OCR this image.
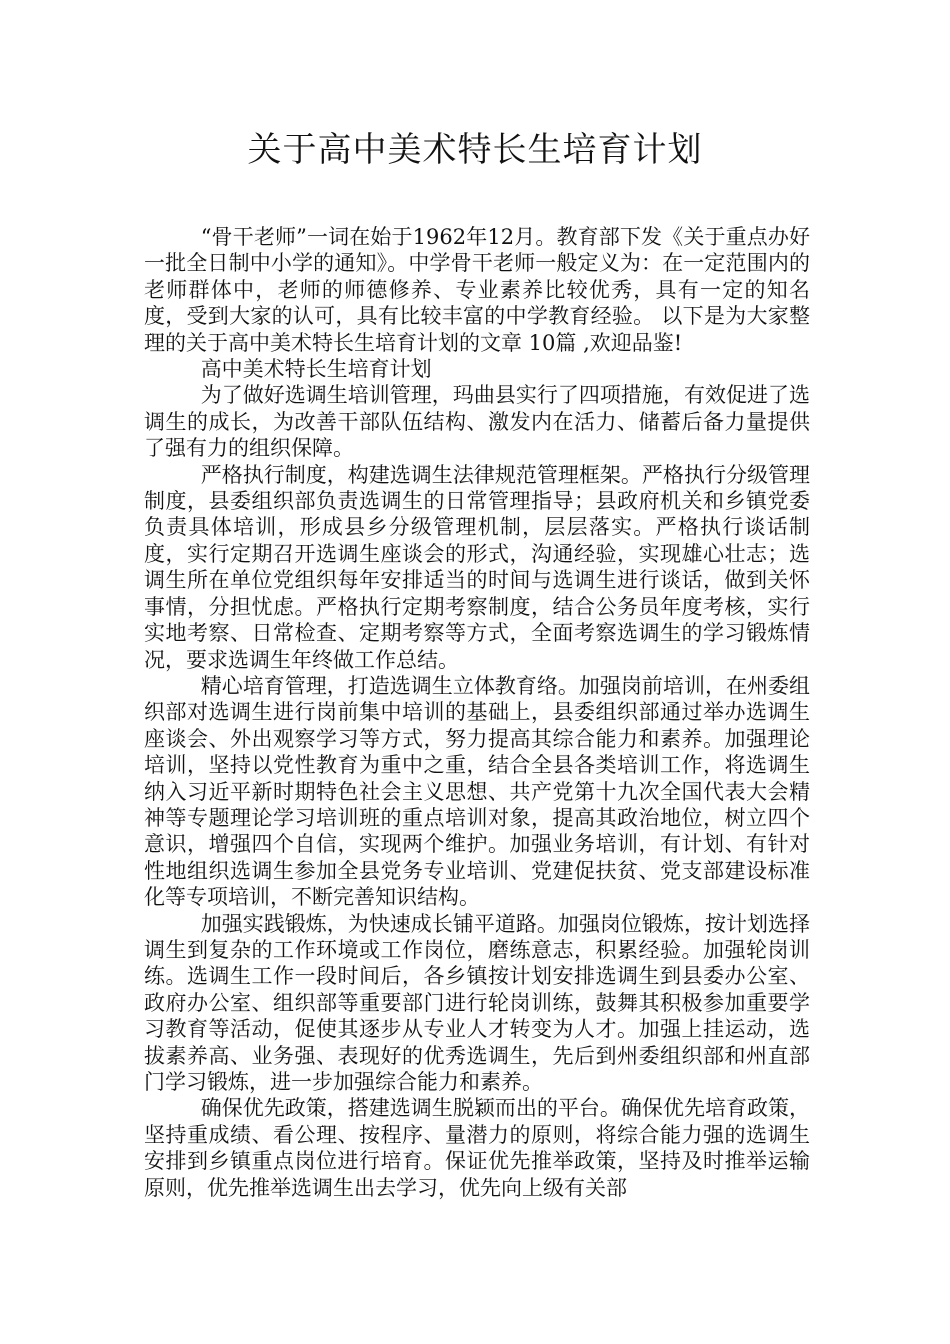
关于高中美术特长生培育计划

“骨干老师”一词在始于1962年12月。教育部下发《关于重点办好一批全日制中小学的通知》。中学骨干老师一般定义为：在一定范围内的老师群体中，老师的师德修养、专业素养比较优秀，具有一定的知名度，受到大家的认可，具有比较丰富的中学教育经验。 以下是为大家整理的关于高中美术特长生培育计划的文章 10篇 ,欢迎品鉴!

高中美术特长生培育计划

为了做好选调生培训管理，玛曲县实行了四项措施，有效促进了选调生的成长，为改善干部队伍结构、激发内在活力、储蓄后备力量提供了强有力的组织保障。

严格执行制度，构建选调生法律规范管理框架。严格执行分级管理制度，县委组织部负责选调生的日常管理指导；县政府机关和乡镇党委负责具体培训，形成县乡分级管理机制，层层落实。严格执行谈话制度，实行定期召开选调生座谈会的形式，沟通经验，实现雄心壮志；选调生所在单位党组织每年安排适当的时间与选调生进行谈话，做到关怀事情，分担忧虑。严格执行定期考察制度，结合公务员年度考核，实行实地考察、日常检查、定期考察等方式，全面考察选调生的学习锻炼情况，要求选调生年终做工作总结。

精心培育管理，打造选调生立体教育络。加强岗前培训，在州委组织部对选调生进行岗前集中培训的基础上，县委组织部通过举办选调生座谈会、外出观察学习等方式，努力提高其综合能力和素养。加强理论培训，坚持以党性教育为重中之重，结合全县各类培训工作，将选调生纳入习近平新时期特色社会主义思想、共产党第十九次全国代表大会精神等专题理论学习培训班的重点培训对象，提高其政治地位，树立四个意识，增强四个自信，实现两个维护。加强业务培训，有计划、有针对性地组织选调生参加全县党务专业培训、党建促扶贫、党支部建设标准化等专项培训，不断完善知识结构。

加强实践锻炼，为快速成长铺平道路。加强岗位锻炼，按计划选择调生到复杂的工作环境或工作岗位，磨练意志，积累经验。加强轮岗训练。选调生工作一段时间后，各乡镇按计划安排选调生到县委办公室、政府办公室、组织部等重要部门进行轮岗训练，鼓舞其积极参加重要学习教育等活动，促使其逐步从专业人才转变为人才。加强上挂运动，选拔素养高、业务强、表现好的优秀选调生，先后到州委组织部和州直部门学习锻炼，进一步加强综合能力和素养。

确保优先政策，搭建选调生脱颖而出的平台。确保优先培育政策，坚持重成绩、看公理、按程序、量潜力的原则，将综合能力强的选调生安排到乡镇重点岗位进行培育。保证优先推举政策，坚持及时推举运输原则，优先推举选调生出去学习，优先向上级有关部
